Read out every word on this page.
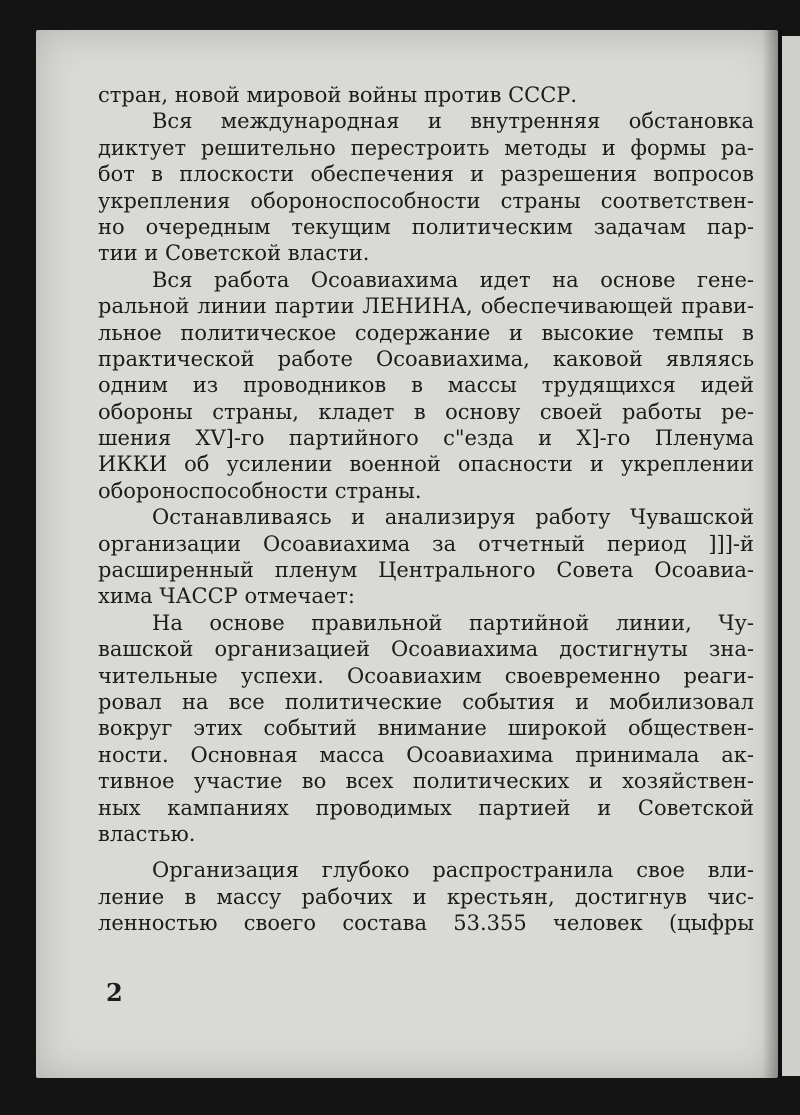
стран, новой мировой войны против СССР.
Вся международная и внутренняя обстановка
диктует решительно перестроить методы и формы ра-
бот в плоскости обеспечения и разрешения вопросов
укрепления обороноспособности страны соответствен-
но очередным текущим политическим задачам пар-
тии и Советской власти.
Вся работа Осоавиахима идет на основе гене-
ральной линии партии ЛЕНИНА, обеспечивающей прави-
льное политическое содержание и высокие темпы в
практической работе Осоавиахима, каковой являясь
одним из проводников в массы трудящихся идей
обороны страны, кладет в основу своей работы ре-
шения XV]-го партийного с"езда и X]-го Пленума
ИККИ об усилении военной опасности и укреплении
обороноспособности страны.
Останавливаясь и анализируя работу Чувашской
организации Осоавиахима за отчетный период ]]]-й
расширенный пленум Центрального Совета Осоавиа-
хима ЧАССР отмечает:
На основе правильной партийной линии, Чу-
вашской организацией Осоавиахима достигнуты зна-
чительные успехи. Осоавиахим своевременно реаги-
ровал на все политические события и мобилизовал
вокруг этих событий внимание широкой обществен-
ности. Основная масса Осоавиахима принимала ак-
тивное участие во всех политических и хозяйствен-
ных кампаниях проводимых партией и Советской
властью.
Организация глубоко распространила свое вли-
ление в массу рабочих и крестьян, достигнув чис-
ленностью своего состава 53.355 человек (цыфры
2
